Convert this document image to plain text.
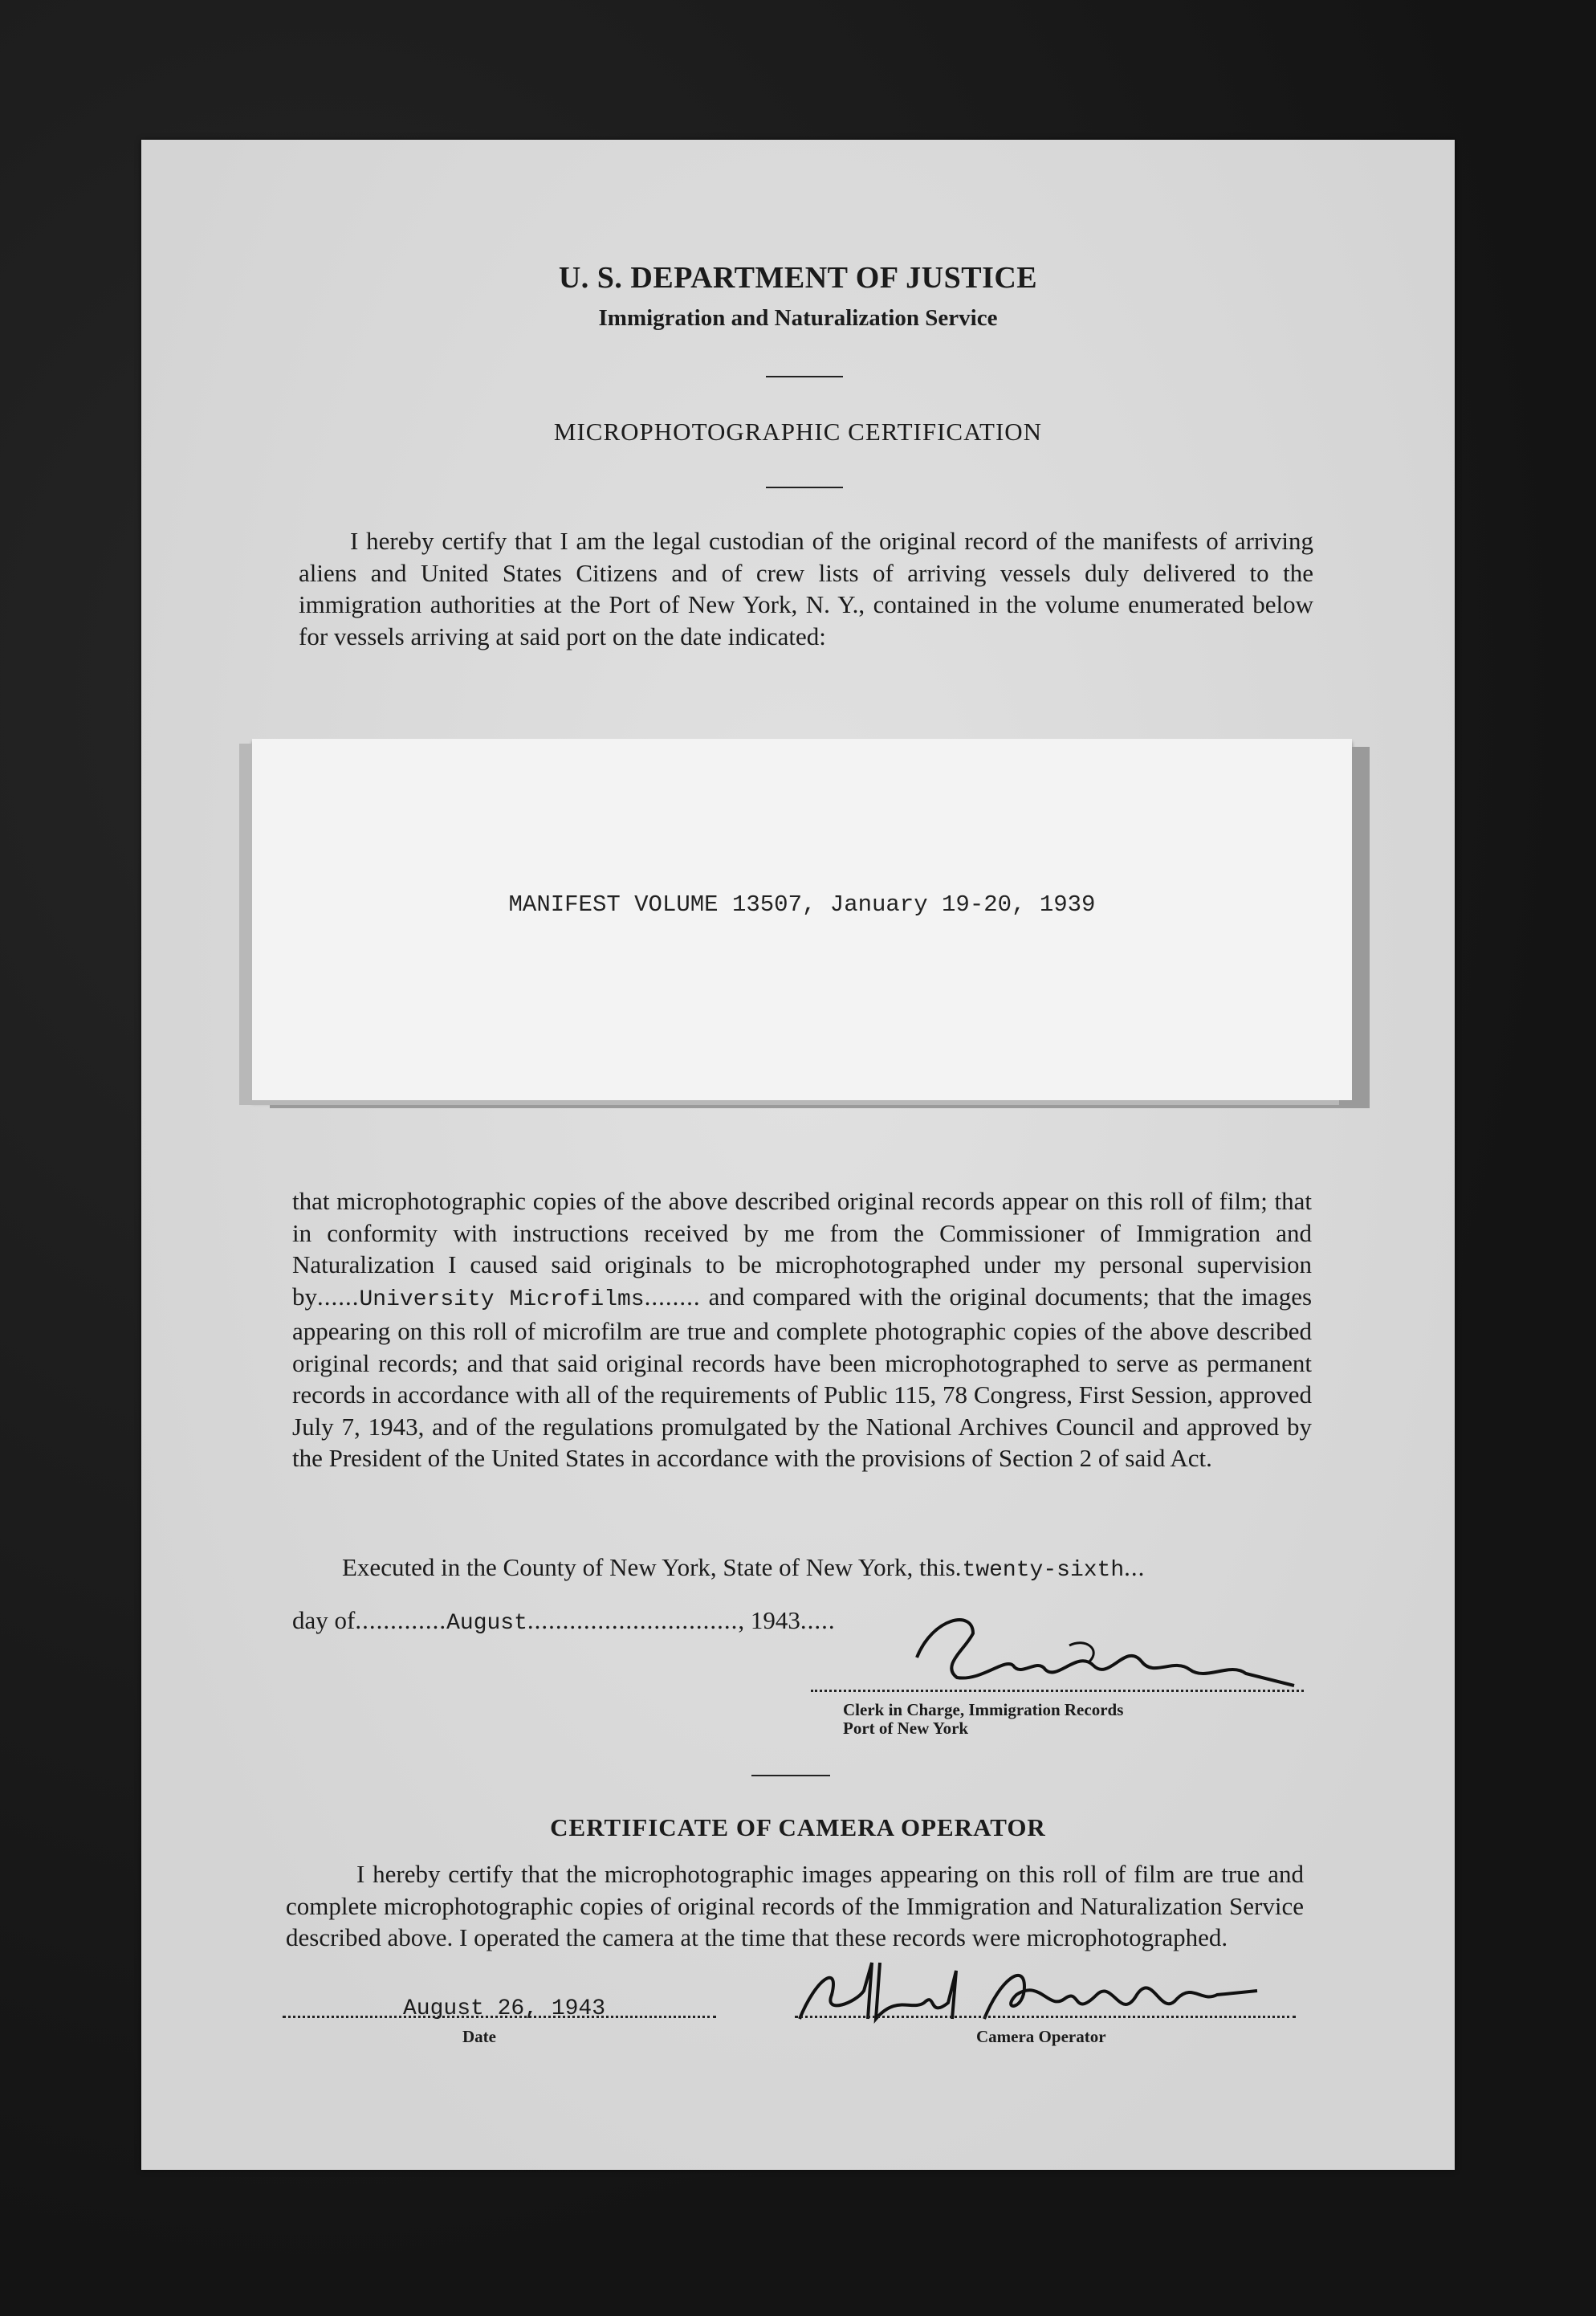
U. S. DEPARTMENT OF JUSTICE
Immigration and Naturalization Service
MICROPHOTOGRAPHIC CERTIFICATION
I hereby certify that I am the legal custodian of the original record of the manifests of arriving aliens and United States Citizens and of crew lists of arriving vessels duly delivered to the immigration authorities at the Port of New York, N. Y., contained in the volume enumerated below for vessels arriving at said port on the date indicated:
MANIFEST VOLUME 13507, January 19-20, 1939
that microphotographic copies of the above described original records appear on this roll of film; that in conformity with instructions received by me from the Commissioner of Immigration and Naturalization I caused said originals to be microphotographed under my personal supervision by......University Microfilms........ and compared with the original documents; that the images appearing on this roll of microfilm are true and complete photographic copies of the above described original records; and that said original records have been microphotographed to serve as permanent records in accordance with all of the requirements of Public 115, 78 Congress, First Session, approved July 7, 1943, and of the regulations promulgated by the National Archives Council and approved by the President of the United States in accordance with the provisions of Section 2 of said Act.
Executed in the County of New York, State of New York, this.twenty-sixth...
day of.............August.............................., 1943.....
Clerk in Charge, Immigration Records
Port of New York
CERTIFICATE OF CAMERA OPERATOR
I hereby certify that the microphotographic images appearing on this roll of film are true and complete microphotographic copies of original records of the Immigration and Naturalization Service described above. I operated the camera at the time that these records were microphotographed.
August 26, 1943
Date	Camera Operator
